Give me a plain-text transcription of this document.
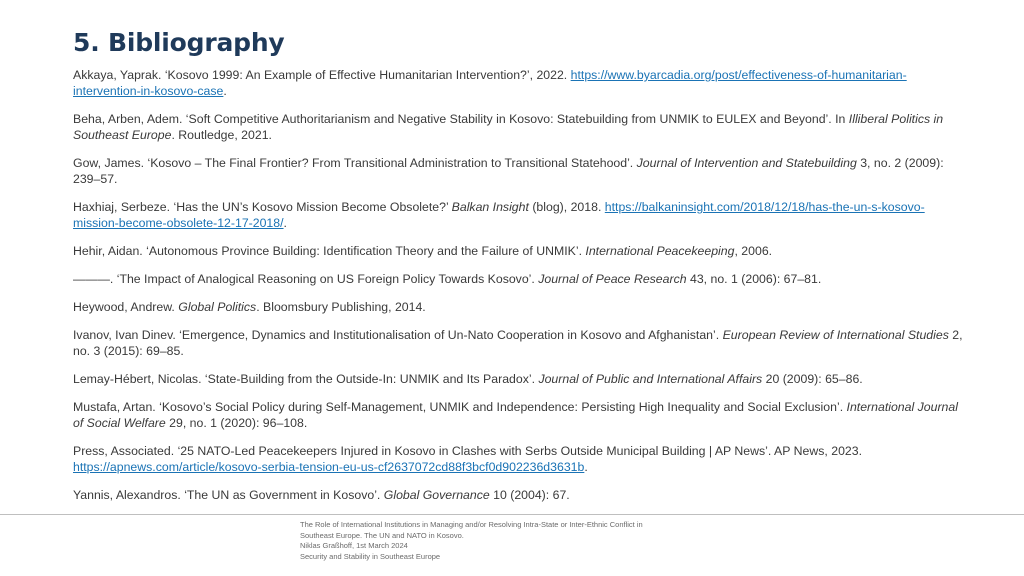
5. Bibliography

Akkaya, Yaprak. ‘Kosovo 1999: An Example of Effective Humanitarian Intervention?’, 2022. https://www.byarcadia.org/post/effectiveness-of-humanitarian-intervention-in-kosovo-case.

Beha, Arben, Adem. ‘Soft Competitive Authoritarianism and Negative Stability in Kosovo: Statebuilding from UNMIK to EULEX and Beyond’. In Illiberal Politics in Southeast Europe. Routledge, 2021.

Gow, James. ‘Kosovo – The Final Frontier? From Transitional Administration to Transitional Statehood’. Journal of Intervention and Statebuilding 3, no. 2 (2009): 239–57.

Haxhiaj, Serbeze. ‘Has the UN’s Kosovo Mission Become Obsolete?’ Balkan Insight (blog), 2018. https://balkaninsight.com/2018/12/18/has-the-un-s-kosovo-mission-become-obsolete-12-17-2018/.

Hehir, Aidan. ‘Autonomous Province Building: Identification Theory and the Failure of UNMIK’. International Peacekeeping, 2006.

———. ‘The Impact of Analogical Reasoning on US Foreign Policy Towards Kosovo’. Journal of Peace Research 43, no. 1 (2006): 67–81.

Heywood, Andrew. Global Politics. Bloomsbury Publishing, 2014.

Ivanov, Ivan Dinev. ‘Emergence, Dynamics and Institutionalisation of Un-Nato Cooperation in Kosovo and Afghanistan’. European Review of International Studies 2, no. 3 (2015): 69–85.

Lemay-Hébert, Nicolas. ‘State-Building from the Outside-In: UNMIK and Its Paradox’. Journal of Public and International Affairs 20 (2009): 65–86.

Mustafa, Artan. ‘Kosovo’s Social Policy during Self-Management, UNMIK and Independence: Persisting High Inequality and Social Exclusion’. International Journal of Social Welfare 29, no. 1 (2020): 96–108.

Press, Associated. ‘25 NATO-Led Peacekeepers Injured in Kosovo in Clashes with Serbs Outside Municipal Building | AP News’. AP News, 2023. https://apnews.com/article/kosovo-serbia-tension-eu-us-cf2637072cd88f3bcf0d902236d3631b.

Yannis, Alexandros. ‘The UN as Government in Kosovo’. Global Governance 10 (2004): 67.

The Role of International Institutions in Managing and/or Resolving Intra-State or Inter-Ethnic Conflict in
Southeast Europe. The UN and NATO in Kosovo.
Niklas Graßhoff, 1st March 2024
Security and Stability in Southeast Europe
